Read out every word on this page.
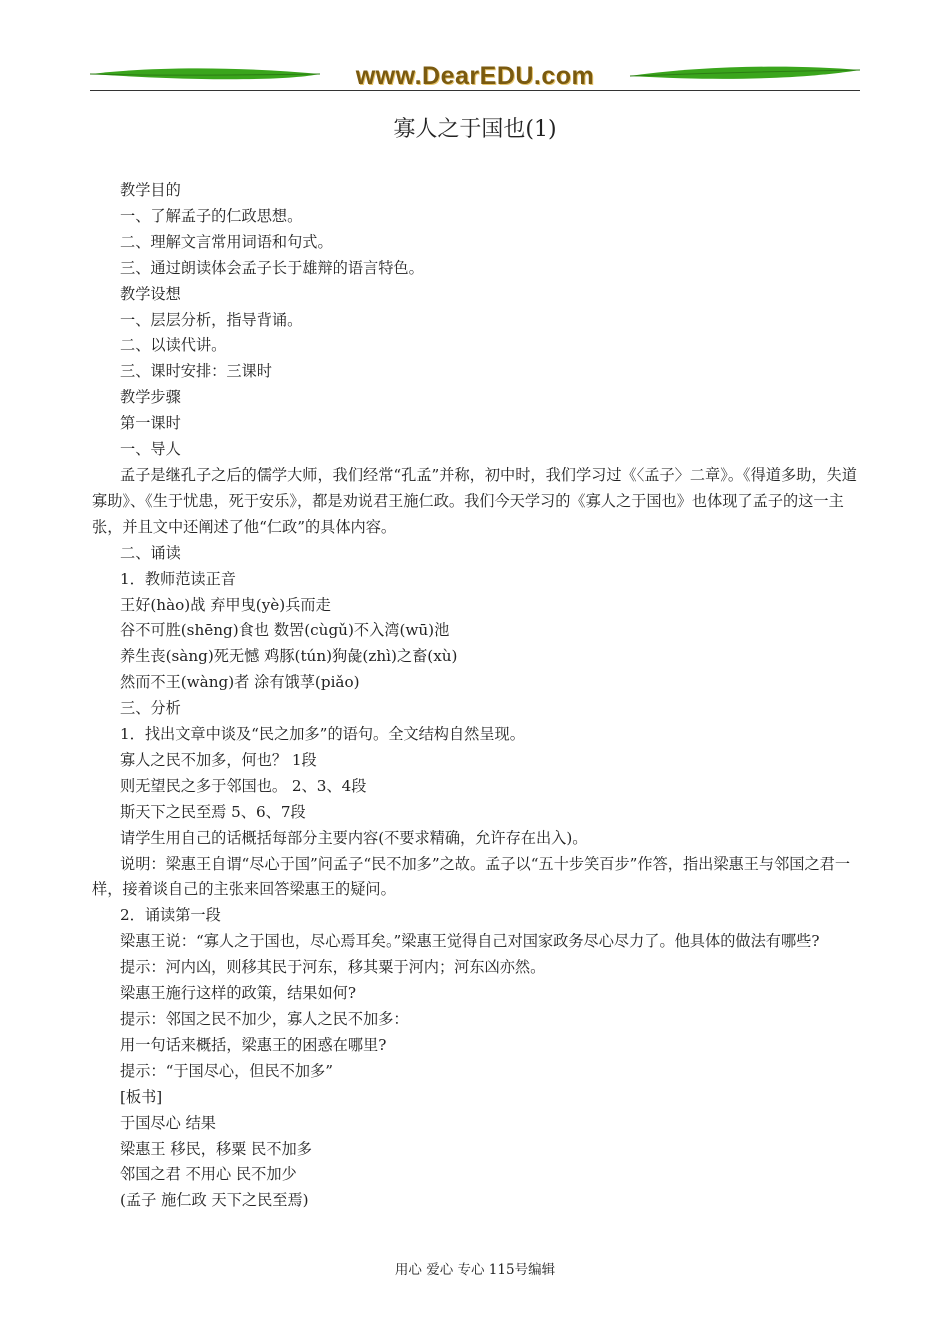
www.DearEDU.com
寡人之于国也(1)

教学目的

一、了解孟子的仁政思想。

二、理解文言常用词语和句式。

三、通过朗读体会孟子长于雄辩的语言特色。

教学设想

一、层层分析，指导背诵。

二、以读代讲。

三、课时安排：三课时

教学步骤

第一课时

一、导人

孟子是继孔子之后的儒学大师，我们经常“孔孟”并称，初中时，我们学习过《〈孟子〉二章》。《得道多助，失道寡助》、《生于忧患，死于安乐》，都是劝说君王施仁政。我们今天学习的《寡人之于国也》也体现了孟子的这一主张，并且文中还阐述了他“仁政”的具体内容。

二、诵读

1．教师范读正音

王好(hào)战 弃甲曳(yè)兵而走

谷不可胜(shēng)食也 数罟(cùgǔ)不入湾(wū)池

养生丧(sàng)死无憾 鸡豚(tún)狗彘(zhì)之畜(xù)

然而不王(wàng)者 涂有饿莩(piǎo)

三、分析

1．找出文章中谈及“民之加多”的语句。全文结构自然呈现。

寡人之民不加多，何也？ 1段

则无望民之多于邻国也。 2、3、4段

斯天下之民至焉 5、6、7段

请学生用自己的话概括每部分主要内容(不要求精确，允许存在出入)。

说明：梁惠王自谓“尽心于国”问孟子“民不加多”之故。孟子以“五十步笑百步”作答，指出梁惠王与邻国之君一样，接着谈自己的主张来回答梁惠王的疑问。

2．诵读第一段

梁惠王说：“寡人之于国也，尽心焉耳矣。”梁惠王觉得自己对国家政务尽心尽力了。他具体的做法有哪些?

提示：河内凶，则移其民于河东，移其粟于河内；河东凶亦然。

梁惠王施行这样的政策，结果如何?

提示：邻国之民不加少，寡人之民不加多：

用一句话来概括，梁惠王的困惑在哪里?

提示：“于国尽心，但民不加多”

[板书]

于国尽心 结果

梁惠王 移民，移粟 民不加多

邻国之君 不用心 民不加少

(孟子 施仁政 天下之民至焉)

用心 爱心 专心 115号编辑
